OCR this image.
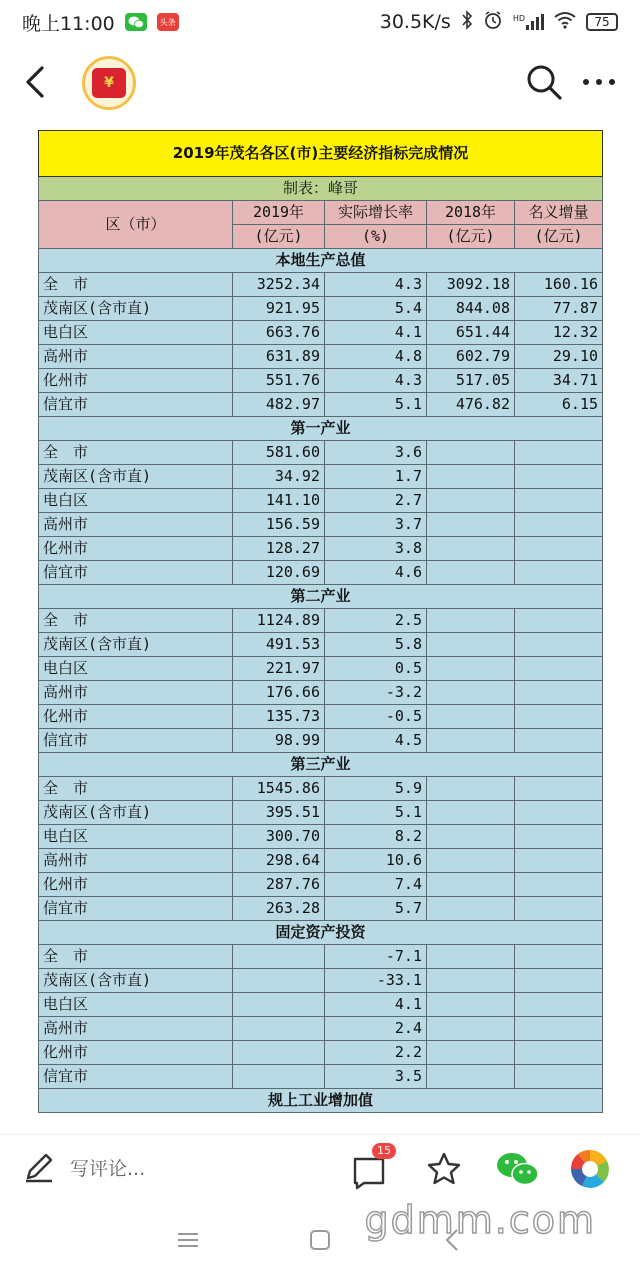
晚上11:00	头条	30.5K/s	HD	75
¥
2019年茂名各区(市)主要经济指标完成情况				
制表：峰哥				
区（市）	2019年	实际增长率	2018年	名义增量
	(亿元)	(%)	(亿元)	(亿元)
本地生产总值				
全　市	3252.34	4.3	3092.18	160.16
茂南区(含市直)	921.95	5.4	844.08	77.87
电白区	663.76	4.1	651.44	12.32
高州市	631.89	4.8	602.79	29.10
化州市	551.76	4.3	517.05	34.71
信宜市	482.97	5.1	476.82	6.15
第一产业				
全　市	581.60	3.6		
茂南区(含市直)	34.92	1.7		
电白区	141.10	2.7		
高州市	156.59	3.7		
化州市	128.27	3.8		
信宜市	120.69	4.6		
第二产业				
全　市	1124.89	2.5		
茂南区(含市直)	491.53	5.8		
电白区	221.97	0.5		
高州市	176.66	-3.2		
化州市	135.73	-0.5		
信宜市	98.99	4.5		
第三产业				
全　市	1545.86	5.9		
茂南区(含市直)	395.51	5.1		
电白区	300.70	8.2		
高州市	298.64	10.6		
化州市	287.76	7.4		
信宜市	263.28	5.7		
固定资产投资				
全　市		-7.1		
茂南区(含市直)		-33.1		
电白区		4.1		
高州市		2.4		
化州市		2.2		
信宜市		3.5		
规上工业增加值				
写评论...
15
gdmm.com
